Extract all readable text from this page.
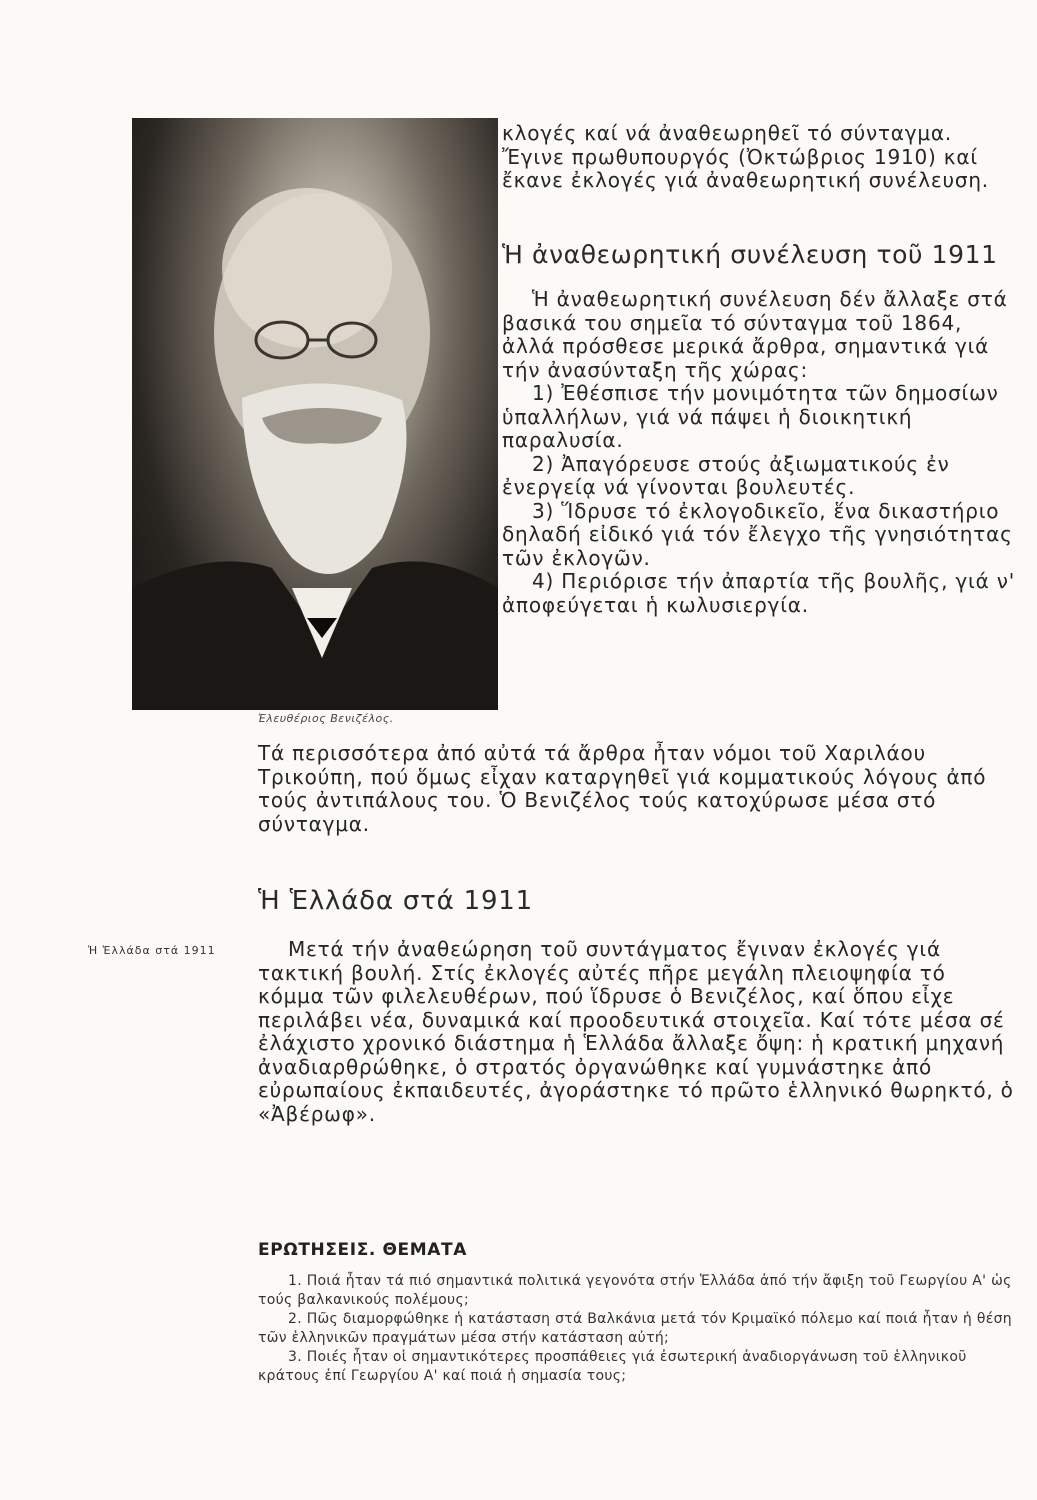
Ἐλευθέριος Βενιζέλος.

κλογές καί νά ἀναθεωρηθεῖ τό σύνταγμα. Ἔγινε πρωθυπουργός (Ὀκτώβριος 1910) καί ἔκανε ἐκλογές γιά ἀναθεωρητική συνέλευση.

Ἡ ἀναθεωρητική συνέλευση τοῦ 1911

Ἡ ἀναθεωρητική συνέλευση δέν ἄλλαξε στά βασικά του σημεῖα τό σύνταγμα τοῦ 1864, ἀλλά πρόσθεσε μερικά ἄρθρα, σημαντικά γιά τήν ἀνασύνταξη τῆς χώρας:

1) Ἐθέσπισε τήν μονιμότητα τῶν δημοσίων ὑπαλλήλων, γιά νά πάψει ἡ διοικητική παραλυσία.

2) Ἀπαγόρευσε στούς ἀξιωματικούς ἐν ἐνεργείᾳ νά γίνονται βουλευτές.

3) Ἵδρυσε τό ἐκλογοδικεῖο, ἕνα δικαστήριο δηλαδή εἰδικό γιά τόν ἔλεγχο τῆς γνησιότητας τῶν ἐκλογῶν.

4) Περιόρισε τήν ἀπαρτία τῆς βουλῆς, γιά ν' ἀποφεύγεται ἡ κωλυσιεργία.

Τά περισσότερα ἀπό αὐτά τά ἄρθρα ἦταν νόμοι τοῦ Χαριλάου Τρικούπη, πού ὅμως εἶχαν καταργηθεῖ γιά κομματικούς λόγους ἀπό τούς ἀντιπάλους του. Ὁ Βενιζέλος τούς κατοχύρωσε μέσα στό σύνταγμα.

Ἡ Ἑλλάδα στά 1911
Ἡ Ἑλλάδα στά 1911	Μετά τήν ἀναθεώρηση τοῦ συντάγματος ἔγιναν ἐκλογές γιά τακτική βουλή. Στίς ἐκλογές αὐτές πῆρε μεγάλη πλειοψηφία τό κόμμα τῶν φιλελευθέρων, πού ἵδρυσε ὁ Βενιζέλος, καί ὅπου εἶχε περιλάβει νέα, δυναμικά καί προοδευτικά στοιχεῖα. Καί τότε μέσα σέ ἐλάχιστο χρονικό διάστημα ἡ Ἑλλάδα ἄλλαξε ὄψη: ἡ κρατική μηχανή ἀναδιαρθρώθηκε, ὁ στρατός ὀργανώθηκε καί γυμνάστηκε ἀπό εὐρωπαίους ἐκπαιδευτές, ἀγοράστηκε τό πρῶτο ἑλληνικό θωρηκτό, ὁ «Ἀβέρωφ».

ΕΡΩΤΗΣΕΙΣ. ΘΕΜΑΤΑ

1. Ποιά ἦταν τά πιό σημαντικά πολιτικά γεγονότα στήν Ἑλλάδα ἀπό τήν ἄφιξη τοῦ Γεωργίου Α' ὡς τούς βαλκανικούς πολέμους;

2. Πῶς διαμορφώθηκε ἡ κατάσταση στά Βαλκάνια μετά τόν Κριμαϊκό πόλεμο καί ποιά ἦταν ἡ θέση τῶν ἑλληνικῶν πραγμάτων μέσα στήν κατάσταση αὐτή;

3. Ποιές ἦταν οἱ σημαντικότερες προσπάθειες γιά ἐσωτερική ἀναδιοργάνωση τοῦ ἑλληνικοῦ κράτους ἐπί Γεωργίου Α' καί ποιά ἡ σημασία τους;
